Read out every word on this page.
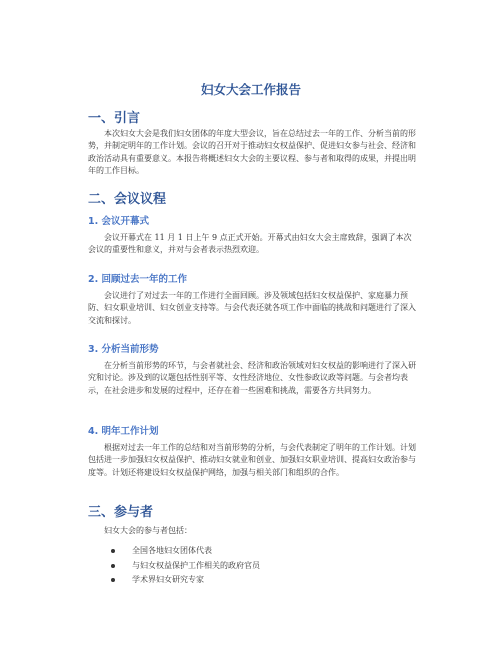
妇女大会工作报告
一、引言

本次妇女大会是我们妇女团体的年度大型会议，旨在总结过去一年的工作、分析当前的形势，并制定明年的工作计划。会议的召开对于推动妇女权益保护、促进妇女参与社会、经济和政治活动具有重要意义。本报告将概述妇女大会的主要议程、参与者和取得的成果，并提出明年的工作目标。

二、会议议程
1. 会议开幕式

会议开幕式在 11 月 1 日上午 9 点正式开始。开幕式由妇女大会主席致辞，强调了本次会议的重要性和意义，并对与会者表示热烈欢迎。

2. 回顾过去一年的工作

会议进行了对过去一年的工作进行全面回顾。涉及领域包括妇女权益保护、家庭暴力预防、妇女职业培训、妇女创业支持等。与会代表还就各项工作中面临的挑战和问题进行了深入交流和探讨。

3. 分析当前形势

在分析当前形势的环节，与会者就社会、经济和政治领域对妇女权益的影响进行了深入研究和讨论。涉及到的议题包括性别平等、女性经济地位、女性参政议政等问题。与会者均表示，在社会进步和发展的过程中，还存在着一些困难和挑战，需要各方共同努力。

4. 明年工作计划

根据对过去一年工作的总结和对当前形势的分析，与会代表制定了明年的工作计划。计划包括进一步加强妇女权益保护、推动妇女就业和创业、加强妇女职业培训、提高妇女政治参与度等。计划还将建设妇女权益保护网络，加强与相关部门和组织的合作。

三、参与者

妇女大会的参与者包括：

全国各地妇女团体代表
与妇女权益保护工作相关的政府官员
学术界妇女研究专家
